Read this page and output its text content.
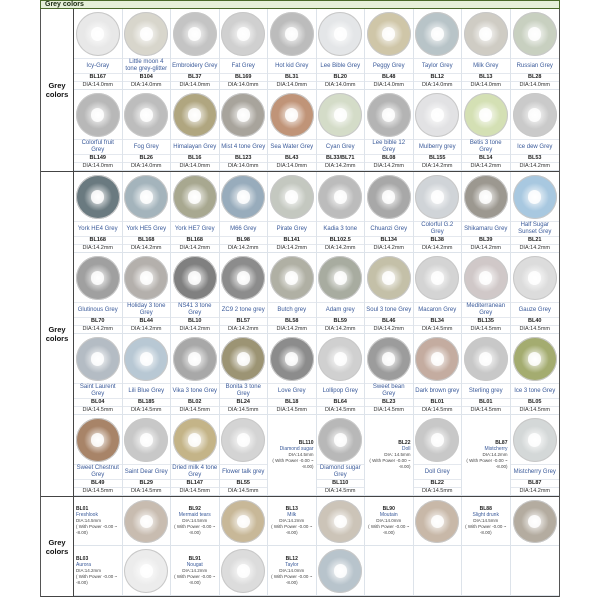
Grey colors
Grey colors
Icy-Gray
BL167
DIA:14.0mm
Little moon 4 tone grey-glitter
B104
DIA:14.0mm
Embroidery Grey
BL37
DIA:14.0mm
Fat Grey
BL169
DIA:14.0mm
Hot kid Grey
BL31
DIA:14.0mm
Lee Bible Grey
BL20
DIA:14.0mm
Peggy Grey
BL48
DIA:14.0mm
Taylor Grey
BL12
DIA:14.0mm
Milk Grey
BL13
DIA:14.0mm
Russian Grey
BL28
DIA:14.0mm
Colorful fruit Grey
BL149
DIA:14.0mm
Fog Grey
BL26
DIA:14.0mm
Himalayan Grey
BL16
DIA:14.0mm
Mist 4 tone Grey
BL123
DIA:14.0mm
Sea Water Grey
BL43
DIA:14.0mm
Cyan Grey
BL33/BL71
DIA:14.2mm
Lee bible 12 Grey
BL08
DIA:14.2mm
Mulberry grey
BL155
DIA:14.2mm
Betis 3 tone Grey
BL14
DIA:14.2mm
Ice dew Grey
BL53
DIA:14.2mm
Grey colors
York HE4 Grey
BL168
DIA:14.2mm
York HE5 Grey
BL168
DIA:14.2mm
York HE7 Grey
BL168
DIA:14.2mm
M66 Grey
BL98
DIA:14.2mm
Pirate Grey
BL141
DIA:14.2mm
Kadia 3 tone
BL102.5
DIA:14.2mm
Chuanzi Grey
BL134
DIA:14.2mm
Colorful G.2 Grey
BL38
DIA:14.2mm
Shikamaru Grey
BL39
DIA:14.2mm
Half Sugar Sunset Grey
BL21
DIA:14.2mm
Glutinous Grey
BL70
DIA:14.2mm
Holiday 3 tone Grey
BL44
DIA:14.2mm
NS41 3 tone Grey
BL10
DIA:14.2mm
ZC9 2 tone grey
BL57
DIA:14.2mm
Butch grey
BL58
DIA:14.2mm
Adam grey
BL59
DIA:14.2mm
Soul 3 tone Grey
BL46
DIA:14.2mm
Macaron Grey
BL34
DIA:14.5mm
Mediterranean Grey
BL135
DIA:14.5mm
Gauze Grey
BL40
DIA:14.5mm
Saint Laurent Grey
BL04
DIA:14.5mm
Lili Blue Grey
BL185
DIA:14.5mm
Vika 3 tone Grey
BL02
DIA:14.5mm
Bonita 3 tone Grey
BL24
DIA:14.5mm
Love Grey
BL18
DIA:14.5mm
Lollipop Grey
BL64
DIA:14.5mm
Sweet bean Grey
BL23
DIA:14.5mm
Dark brown grey
BL01
DIA:14.5mm
Sterling grey
BL01
DIA:14.5mm
Ice 3 tone Grey
BL05
DIA:14.5mm
Sweet Chestnut Grey
BL49
DIA:14.5mm
Saint Dear Grey
BL29
DIA:14.5mm
Dried milk 4 tone Grey
BL147
DIA:14.5mm
Flower talk grey
BL55
DIA:14.5mm
BL110
Diamond sugar
DIA:14.5mm
( With Power -0.00 ~ -8.00)	Diamond sugar Grey
BL110
DIA:14.5mm
BL22
Doll
DIA: 14.5mm
( With Power -0.00 ~ -8.00)
Doll Grey
BL22
DIA:14.5mm
BL87
Mistcherry
DIA:14.2mm
( With Power -0.00 ~ -8.00)
Mistcherry Grey
BL87
DIA:14.2mm
Grey colors
BL01
Freshlook
DIA:14.5mm
( With Power -0.00 ~ -8.00)
BL92
Mermaid tears
DIA:14.5mm
( With Power -0.00 ~ -8.00)
BL13
Milk
DIA:14.2mm
( With Power -0.00 ~ -8.00)
BL90
Moutain
DIA:14.0mm
( With Power -0.00 ~ -8.00)
BL88
Slight drunk
DIA:14.5mm
( With Power -0.00 ~ -8.00)
BL03
Aurora
DIA:14.2mm
( With Power -0.00 ~ -8.00)
BL91
Nougat
DIA:14.2mm
( With Power -0.00 ~ -8.00)
BL12
Taylor
DIA:14.0mm
( With Power -0.00 ~ -8.00)
